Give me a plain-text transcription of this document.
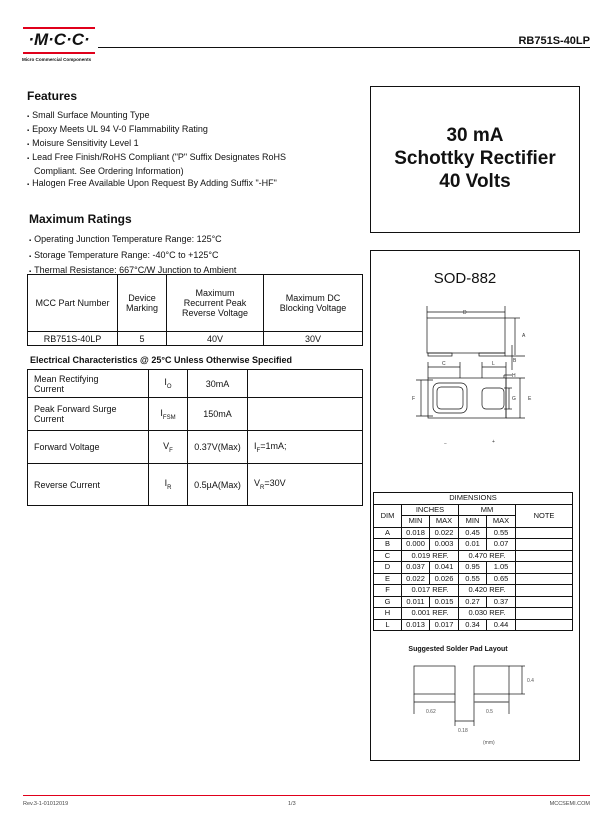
·M·C·C·
Micro Commercial Components
RB751S-40LP
Features
▪ Small Surface Mounting Type
▪ Epoxy Meets UL 94 V-0 Flammability Rating
▪ Moisure Sensitivity Level 1
▪ Lead Free Finish/RoHS Compliant ("P" Suffix Designates RoHS Compliant. See Ordering Information)
▪ Halogen Free Available Upon Request By Adding Suffix "-HF"
30 mA
Schottky Rectifier
40 Volts
Maximum Ratings
▪ Operating Junction Temperature Range: 125°C
▪ Storage Temperature Range: -40°C to +125°C
▪ Thermal Resistance: 667°C/W Junction to Ambient
MCC Part Number	Device Marking	Maximum Recurrent Peak Reverse Voltage	Maximum DC Blocking Voltage
RB751S-40LP	5	40V	30V
Electrical Characteristics @ 25°C Unless Otherwise Specified
Mean Rectifying Current	$I_O$	30mA	
Peak Forward Surge Current	$I_{FSM}$	150mA	
Forward Voltage	$V_F$	0.37V(Max)	$I_F=1mA$;
Reverse Current	$I_R$	0.5µA(Max)	$V_R=30V$
SOD-882
D
A
B
C	L
H
F	G E
−	+
DIMENSIONS					
DIM	INCHES		MM		NOTE
	MIN	MAX	MIN	MAX	
A	0.018	0.022	0.45	0.55	
B	0.000	0.003	0.01	0.07	
C	0.019 REF.		0.470 REF.		
D	0.037	0.041	0.95	1.05	
E	0.022	0.026	0.55	0.65	
F	0.017 REF.		0.420 REF.		
G	0.011	0.015	0.27	0.37	
H	0.001 REF.		0.030 REF.		
L	0.013	0.017	0.34	0.44	
Suggested Solder Pad Layout
0.62
0.18
0.5
0.4
(mm)
Rev.3-1-01012019	1/3	MCCSEMI.COM
